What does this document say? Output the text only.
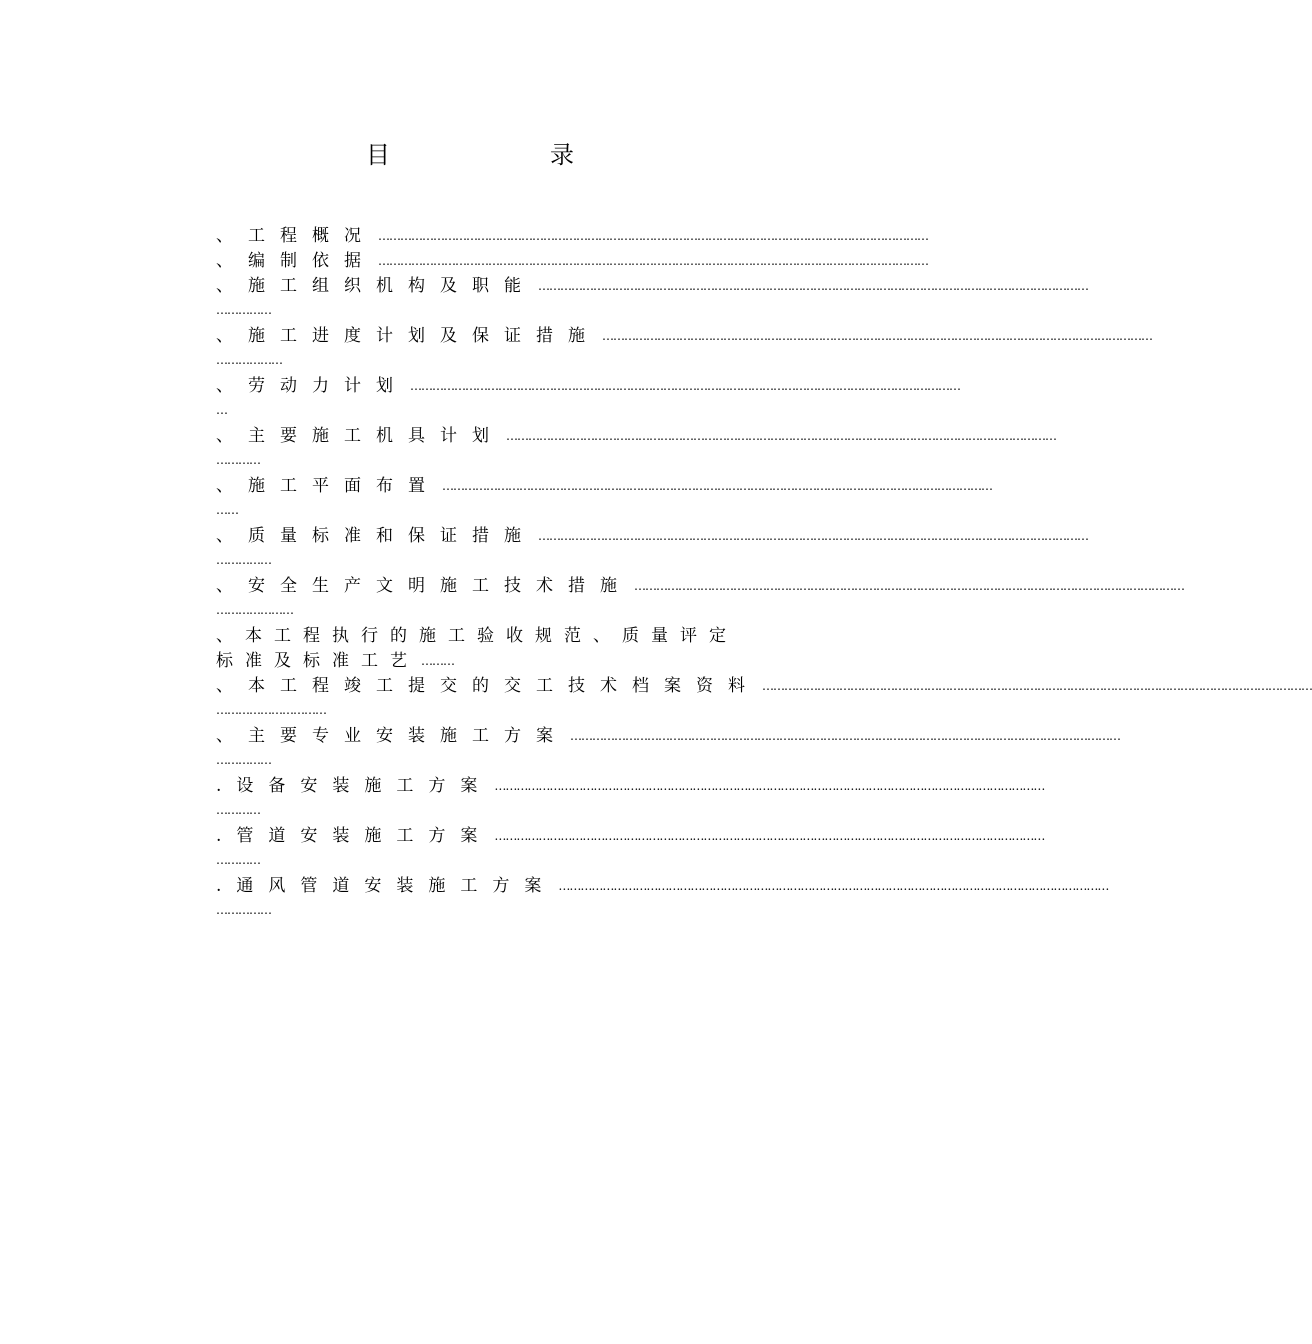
目	录
、工程概况 ……………………………………………………………………………………………………………………………………
、编制依据 ……………………………………………………………………………………………………………………………………
、施工组织机构及职能 ……………………………………………………………………………………………………………………………………
……………
、施工进度计划及保证措施 ……………………………………………………………………………………………………………………………………
………………
、劳动力计划 ……………………………………………………………………………………………………………………………………
…
、主要施工机具计划 ……………………………………………………………………………………………………………………………………
…………
、施工平面布置 ……………………………………………………………………………………………………………………………………
……
、质量标准和保证措施 ……………………………………………………………………………………………………………………………………
……………
、安全生产文明施工技术措施 ……………………………………………………………………………………………………………………………………
…………………
、本工程执行的施工验收规范、质量评定
标准及标准工艺 ………
、本工程竣工提交的交工技术档案资料 ……………………………………………………………………………………………………………………………………
…………………………
、主要专业安装施工方案 ……………………………………………………………………………………………………………………………………
……………
.设备安装施工方案 ……………………………………………………………………………………………………………………………………
…………
.管道安装施工方案 ……………………………………………………………………………………………………………………………………
…………
.通风管道安装施工方案 ……………………………………………………………………………………………………………………………………
……………
